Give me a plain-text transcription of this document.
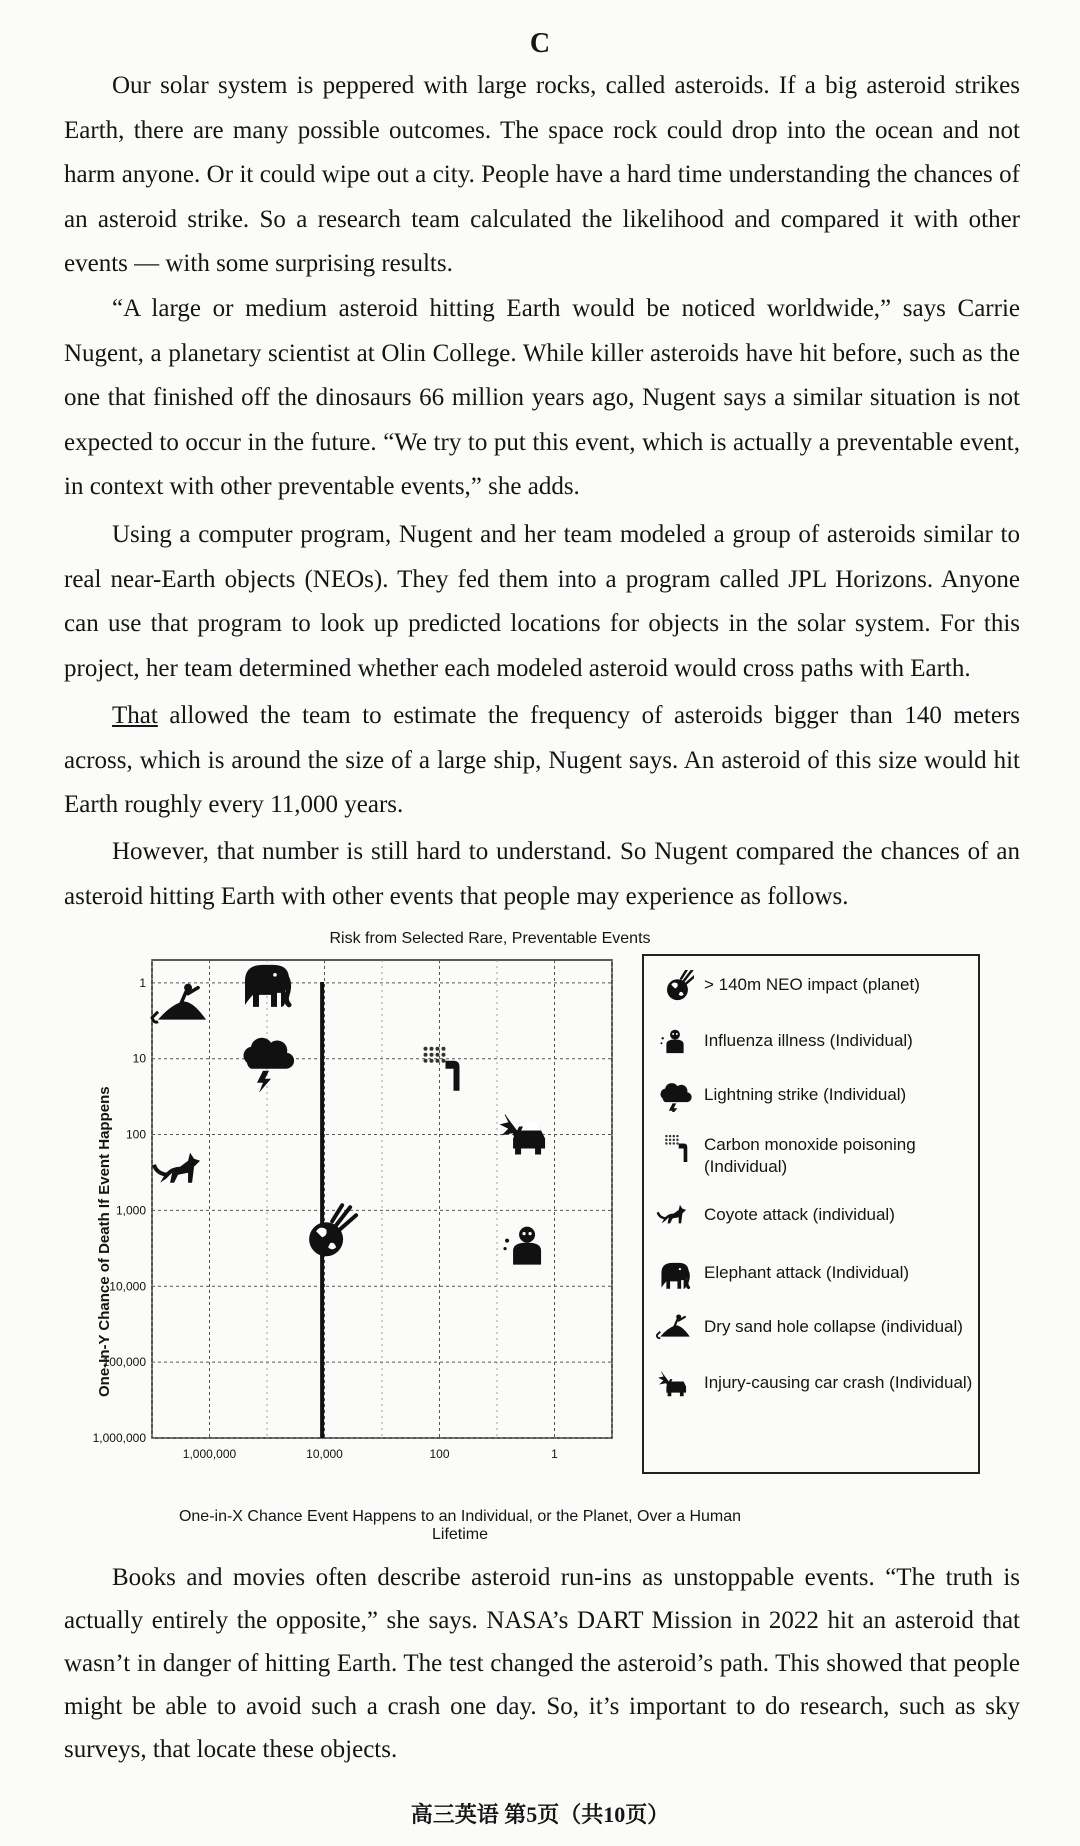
C

Our solar system is peppered with large rocks, called asteroids. If a big asteroid strikes Earth, there are many possible outcomes. The space rock could drop into the ocean and not harm anyone. Or it could wipe out a city. People have a hard time understanding the chances of an asteroid strike. So a research team calculated the likelihood and compared it with other events — with some surprising results.

“A large or medium asteroid hitting Earth would be noticed worldwide,” says Carrie Nugent, a planetary scientist at Olin College. While killer asteroids have hit before, such as the one that finished off the dinosaurs 66 million years ago, Nugent says a similar situation is not expected to occur in the future. “We try to put this event, which is actually a preventable event, in context with other preventable events,” she adds.

Using a computer program, Nugent and her team modeled a group of asteroids similar to real near-Earth objects (NEOs). They fed them into a program called JPL Horizons. Anyone can use that program to look up predicted locations for objects in the solar system. For this project, her team determined whether each modeled asteroid would cross paths with Earth.

That allowed the team to estimate the frequency of asteroids bigger than 140 meters across, which is around the size of a large ship, Nugent says. An asteroid of this size would hit Earth roughly every 11,000 years.

However, that number is still hard to understand. So Nugent compared the chances of an asteroid hitting Earth with other events that people may experience as follows.

Risk from Selected Rare, Preventable Events
One-In-Y Chance of Death If Event Happens
1
10
100
1,000
10,000
100,000
1,000,000
1,000,000	10,000	100	1
One-in-X Chance Event Happens to an Individual, or the Planet, Over a Human Lifetime
> 140m NEO impact (planet)
Influenza illness (Individual)
Lightning strike (Individual)
Carbon monoxide poisoning
(Individual)
Coyote attack (individual)
Elephant attack (Individual)
Dry sand hole collapse (individual)
Injury-causing car crash (Individual)

Books and movies often describe asteroid run-ins as unstoppable events. “The truth is actually entirely the opposite,” she says. NASA’s DART Mission in 2022 hit an asteroid that wasn’t in danger of hitting Earth. The test changed the asteroid’s path. This showed that people might be able to avoid such a crash one day. So, it’s important to do research, such as sky surveys, that locate these objects.

高三英语 第5页（共10页）
